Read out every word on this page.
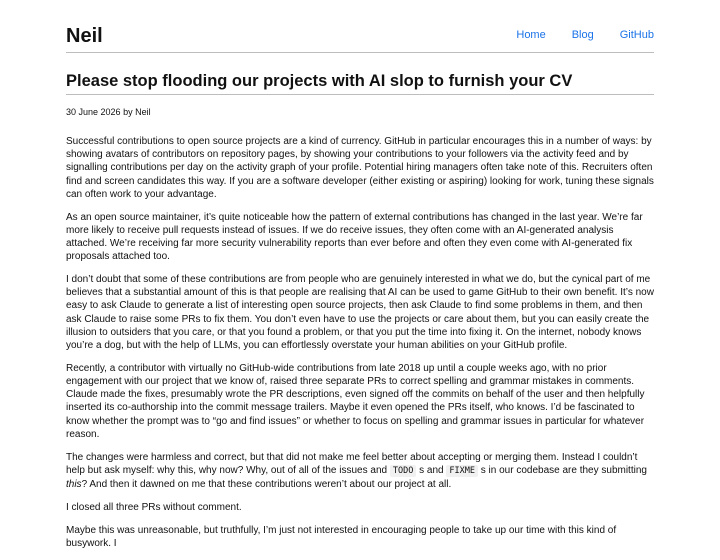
Neil	Home Blog GitHub
Please stop flooding our projects with AI slop to furnish your CV
30 June 2026 by Neil

Successful contributions to open source projects are a kind of currency. GitHub in particular encourages this in a number of ways: by showing avatars of contributors on repository pages, by showing your contributions to your followers via the activity feed and by signalling contributions per day on the activity graph of your profile. Potential hiring managers often take note of this. Recruiters often find and screen candidates this way. If you are a software developer (either existing or aspiring) looking for work, tuning these signals can often work to your advantage.

As an open source maintainer, it’s quite noticeable how the pattern of external contributions has changed in the last year. We’re far more likely to receive pull requests instead of issues. If we do receive issues, they often come with an AI-generated analysis attached. We’re receiving far more security vulnerability reports than ever before and often they even come with AI-generated fix proposals attached too.

I don’t doubt that some of these contributions are from people who are genuinely interested in what we do, but the cynical part of me believes that a substantial amount of this is that people are realising that AI can be used to game GitHub to their own benefit. It’s now easy to ask Claude to generate a list of interesting open source projects, then ask Claude to find some problems in them, and then ask Claude to raise some PRs to fix them. You don’t even have to use the projects or care about them, but you can easily create the illusion to outsiders that you care, or that you found a problem, or that you put the time into fixing it. On the internet, nobody knows you’re a dog, but with the help of LLMs, you can effortlessly overstate your human abilities on your GitHub profile.

Recently, a contributor with virtually no GitHub-wide contributions from late 2018 up until a couple weeks ago, with no prior engagement with our project that we know of, raised three separate PRs to correct spelling and grammar mistakes in comments. Claude made the fixes, presumably wrote the PR descriptions, even signed off the commits on behalf of the user and then helpfully inserted its co-authorship into the commit message trailers. Maybe it even opened the PRs itself, who knows. I’d be fascinated to know whether the prompt was to “go and find issues” or whether to focus on spelling and grammar issues in particular for whatever reason.

The changes were harmless and correct, but that did not make me feel better about accepting or merging them. Instead I couldn’t help but ask myself: why this, why now? Why, out of all of the issues and TODO s and FIXME s in our codebase are they submitting this? And then it dawned on me that these contributions weren’t about our project at all.

I closed all three PRs without comment.

Maybe this was unreasonable, but truthfully, I’m just not interested in encouraging people to take up our time with this kind of busywork. I
